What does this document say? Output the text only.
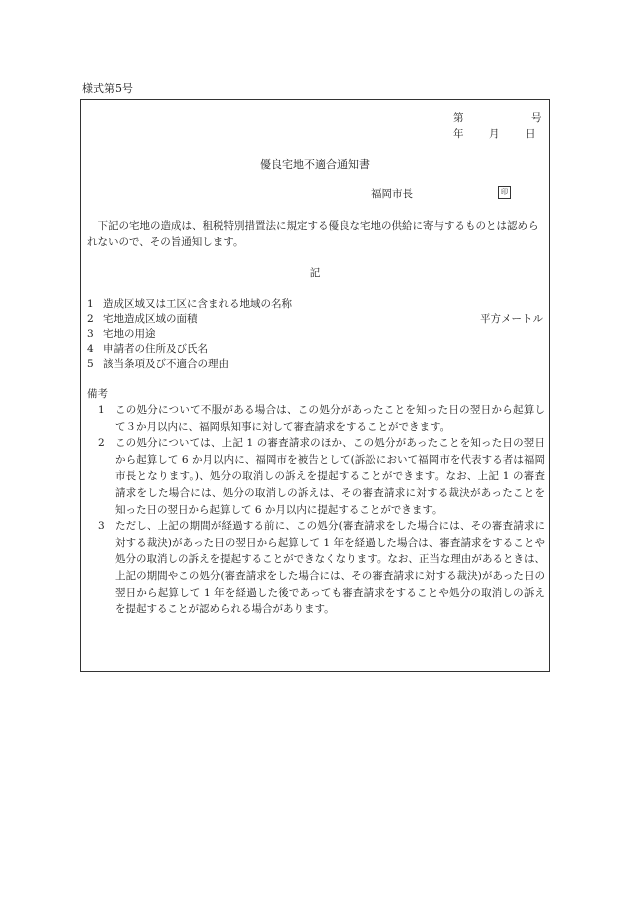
様式第5号
第	号
年 月 日
優良宅地不適合通知書
福岡市長	印
下記の宅地の造成は、租税特別措置法に規定する優良な宅地の供給に寄与するものとは認められないので、その旨通知します。
記
1 造成区域又は工区に含まれる地域の名称
2 宅地造成区域の面積	平方メートル
3 宅地の用途
4 申請者の住所及び氏名
5 該当条項及び不適合の理由
備考
1 この処分について不服がある場合は、この処分があったことを知った日の翌日から起算して３か月以内に、福岡県知事に対して審査請求をすることができます。
2 この処分については、上記 1 の審査請求のほか、この処分があったことを知った日の翌日から起算して 6 か月以内に、福岡市を被告として(訴訟において福岡市を代表する者は福岡市長となります。)、処分の取消しの訴えを提起することができます。なお、上記 1 の審査請求をした場合には、処分の取消しの訴えは、その審査請求に対する裁決があったことを知った日の翌日から起算して 6 か月以内に提起することができます。
3 ただし、上記の期間が経過する前に、この処分(審査請求をした場合には、その審査請求に対する裁決)があった日の翌日から起算して 1 年を経過した場合は、審査請求をすることや処分の取消しの訴えを提起することができなくなります。なお、正当な理由があるときは、上記の期間やこの処分(審査請求をした場合には、その審査請求に対する裁決)があった日の翌日から起算して 1 年を経過した後であっても審査請求をすることや処分の取消しの訴えを提起することが認められる場合があります。
